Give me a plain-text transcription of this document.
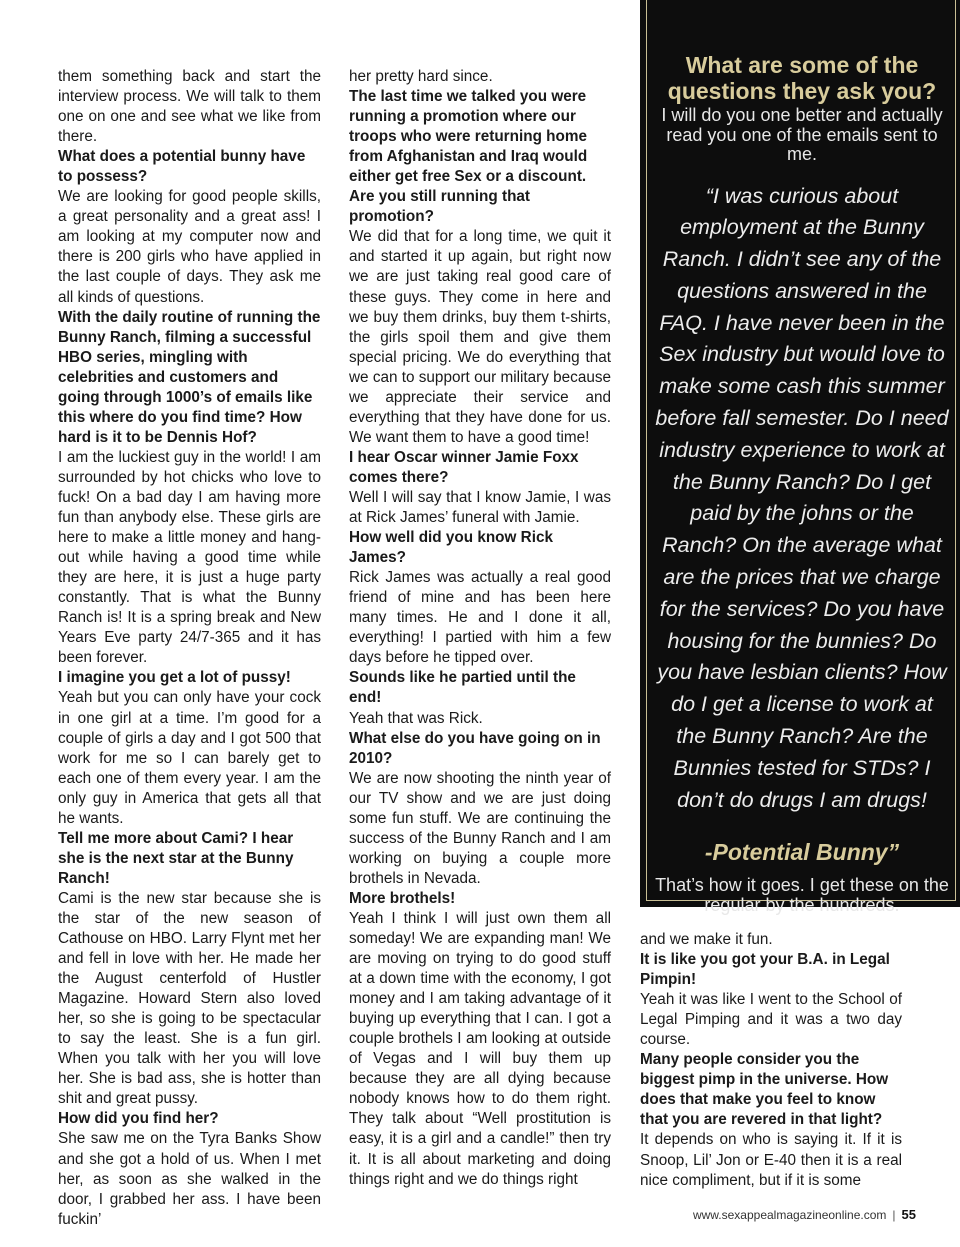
them something back and start the interview process. We will talk to them one on one and see what we like from there.

What does a potential bunny have to possess?

We are looking for good people skills, a great personality and a great ass! I am looking at my computer now and there is 200 girls who have applied in the last couple of days. They ask me all kinds of questions.

With the daily routine of running the Bunny Ranch, filming a successful HBO series, mingling with celebrities and customers and going through 1000’s of emails like this where do you find time? How hard is it to be Dennis Hof?

I am the luckiest guy in the world! I am surrounded by hot chicks who love to fuck! On a bad day I am having more fun than anybody else. These girls are here to make a little money and hang-out while having a good time while they are here, it is just a huge party constantly. That is what the Bunny Ranch is! It is a spring break and New Years Eve party 24/7-365 and it has been forever.

I imagine you get a lot of pussy!

Yeah but you can only have your cock in one girl at a time. I’m good for a couple of girls a day and I got 500 that work for me so I can barely get to each one of them every year. I am the only guy in America that gets all that he wants.

Tell me more about Cami? I hear she is the next star at the Bunny Ranch!

Cami is the new star because she is the star of the new season of Cathouse on HBO. Larry Flynt met her and fell in love with her. He made her the August centerfold of Hustler Magazine. Howard Stern also loved her, so she is going to be spectacular to say the least. She is a fun girl. When you talk with her you will love her. She is bad ass, she is hotter than shit and great pussy.

How did you find her?

She saw me on the Tyra Banks Show and she got a hold of us. When I met her, as soon as she walked in the door, I grabbed her ass. I have been fuckin’

her pretty hard since.

The last time we talked you were running a promotion where our troops who were returning home from Afghanistan and Iraq would either get free Sex or a discount. Are you still running that promotion?

We did that for a long time, we quit it and started it up again, but right now we are just taking real good care of these guys. They come in here and we buy them drinks, buy them t-shirts, the girls spoil them and give them special pricing. We do everything that we can to support our military because we appreciate their service and everything that they have done for us. We want them to have a good time!

I hear Oscar winner Jamie Foxx comes there?

Well I will say that I know Jamie, I was at Rick James’ funeral with Jamie.

How well did you know Rick James?

Rick James was actually a real good friend of mine and has been here many times. He and I done it all, everything! I partied with him a few days before he tipped over.

Sounds like he partied until the end!

Yeah that was Rick.

What else do you have going on in 2010?

We are now shooting the ninth year of our TV show and we are just doing some fun stuff. We are continuing the success of the Bunny Ranch and I am working on buying a couple more brothels in Nevada.

More brothels!

Yeah I think I will just own them all someday! We are expanding man! We are moving on trying to do good stuff at a down time with the economy, I got money and I am taking advantage of it buying up everything that I can. I got a couple brothels I am looking at outside of Vegas and I will buy them up because they are all dying because nobody knows how to do them right. They talk about “Well prostitution is easy, it is a girl and a candle!” then try it. It is all about marketing and doing things right and we do things right

What are some of the questions they ask you?

I will do you one better and actually read you one of the emails sent to me.

“I was curious about employment at the Bunny Ranch. I didn’t see any of the questions answered in the FAQ. I have never been in the Sex industry but would love to make some cash this summer before fall semester. Do I need industry experience to work at the Bunny Ranch? Do I get paid by the johns or the Ranch? On the average what are the prices that we charge for the services? Do you have housing for the bunnies? Do you have lesbian clients? How do I get a license to work at the Bunny Ranch? Are the Bunnies tested for STDs? I don’t do drugs I am drugs!

-Potential Bunny”

That’s how it goes. I get these on the regular by the hundreds.

and we make it fun.

It is like you got your B.A. in Legal Pimpin!

Yeah it was like I went to the School of Legal Pimping and it was a two day course.

Many people consider you the biggest pimp in the universe. How does that make you feel to know that you are revered in that light?

It depends on who is saying it. If it is Snoop, Lil’ Jon or E-40 then it is a real nice compliment, but if it is some

www.sexappealmagazineonline.com | 55
